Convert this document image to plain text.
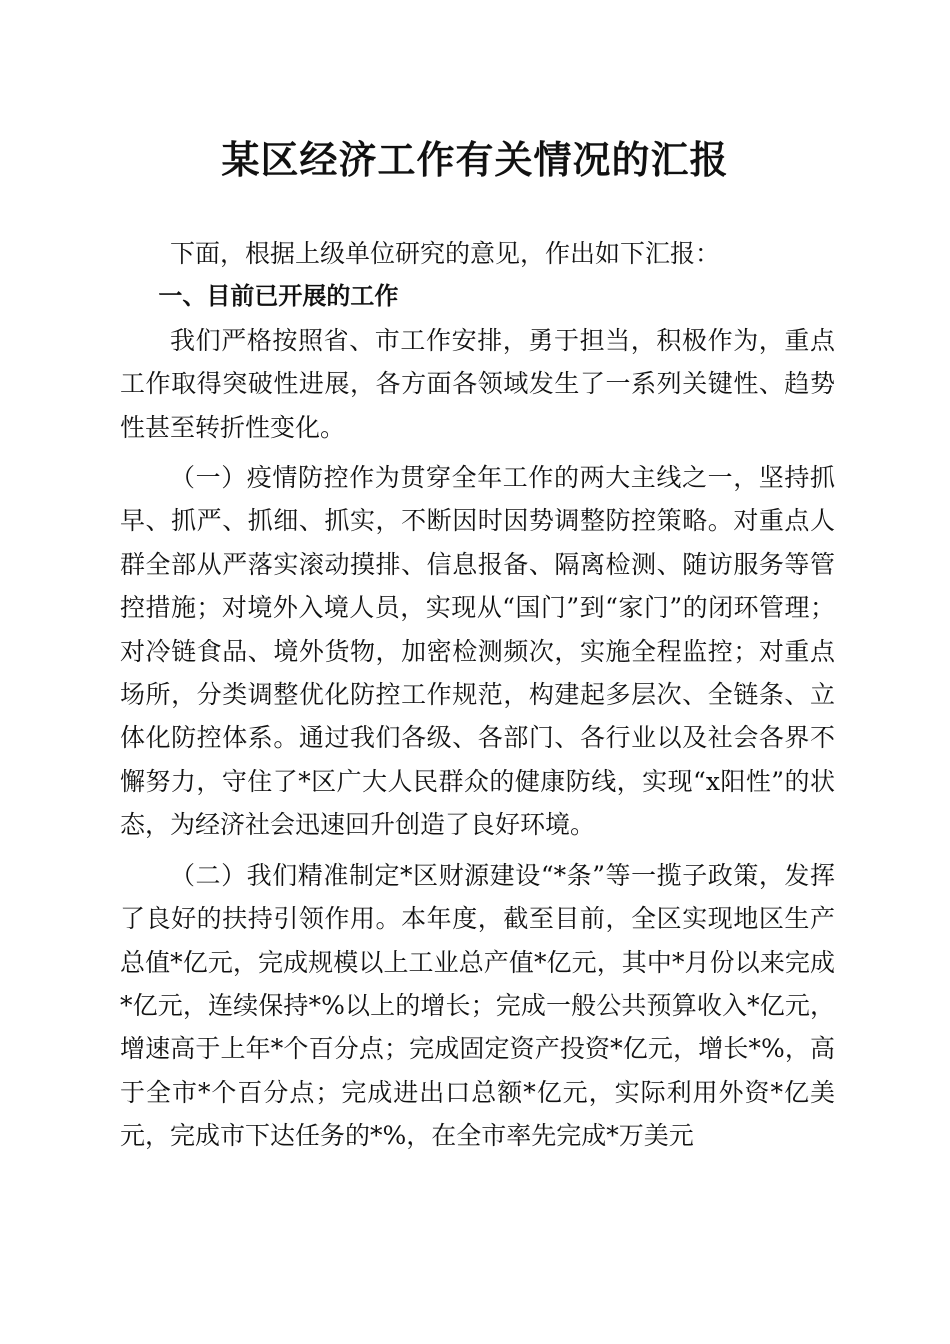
某区经济工作有关情况的汇报

下面，根据上级单位研究的意见，作出如下汇报：

一、目前已开展的工作

我们严格按照省、市工作安排，勇于担当，积极作为，重点工作取得突破性进展，各方面各领域发生了一系列关键性、趋势性甚至转折性变化。

（一）疫情防控作为贯穿全年工作的两大主线之一，坚持抓早、抓严、抓细、抓实，不断因时因势调整防控策略。对重点人群全部从严落实滚动摸排、信息报备、隔离检测、随访服务等管控措施；对境外入境人员，实现从“国门”到“家门”的闭环管理；对冷链食品、境外货物，加密检测频次，实施全程监控；对重点场所，分类调整优化防控工作规范，构建起多层次、全链条、立体化防控体系。通过我们各级、各部门、各行业以及社会各界不懈努力，守住了*区广大人民群众的健康防线，实现“x阳性”的状态，为经济社会迅速回升创造了良好环境。

（二）我们精准制定*区财源建设“*条”等一揽子政策，发挥了良好的扶持引领作用。本年度，截至目前，全区实现地区生产总值*亿元，完成规模以上工业总产值*亿元，其中*月份以来完成*亿元，连续保持*%以上的增长；完成一般公共预算收入*亿元，增速高于上年*个百分点；完成固定资产投资*亿元，增长*%，高于全市*个百分点；完成进出口总额*亿元，实际利用外资*亿美元，完成市下达任务的*%，在全市率先完成*万美元
